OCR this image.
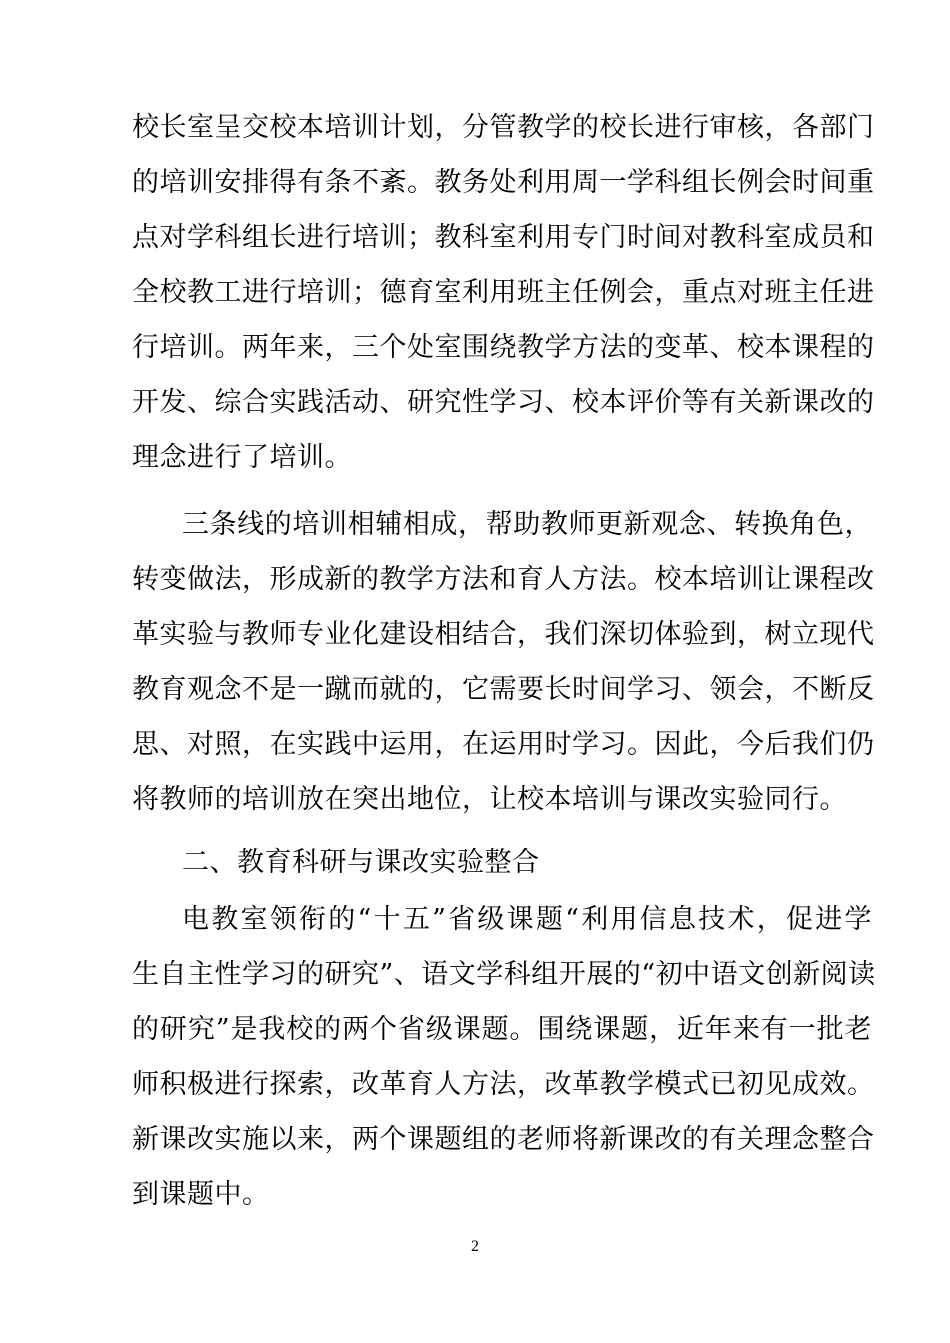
校长室呈交校本培训计划，分管教学的校长进行审核，各部门
的培训安排得有条不紊。教务处利用周一学科组长例会时间重
点对学科组长进行培训；教科室利用专门时间对教科室成员和
全校教工进行培训；德育室利用班主任例会，重点对班主任进
行培训。两年来，三个处室围绕教学方法的变革、校本课程的
开发、综合实践活动、研究性学习、校本评价等有关新课改的
理念进行了培训。
三条线的培训相辅相成，帮助教师更新观念、转换角色，
转变做法，形成新的教学方法和育人方法。校本培训让课程改
革实验与教师专业化建设相结合，我们深切体验到，树立现代
教育观念不是一蹴而就的，它需要长时间学习、领会，不断反
思、对照，在实践中运用，在运用时学习。因此，今后我们仍
将教师的培训放在突出地位，让校本培训与课改实验同行。
二、教育科研与课改实验整合
电教室领衔的“十五”省级课题“利用信息技术，促进学
生自主性学习的研究”、语文学科组开展的“初中语文创新阅读
的研究”是我校的两个省级课题。围绕课题，近年来有一批老
师积极进行探索，改革育人方法，改革教学模式已初见成效。
新课改实施以来，两个课题组的老师将新课改的有关理念整合
到课题中。
2
